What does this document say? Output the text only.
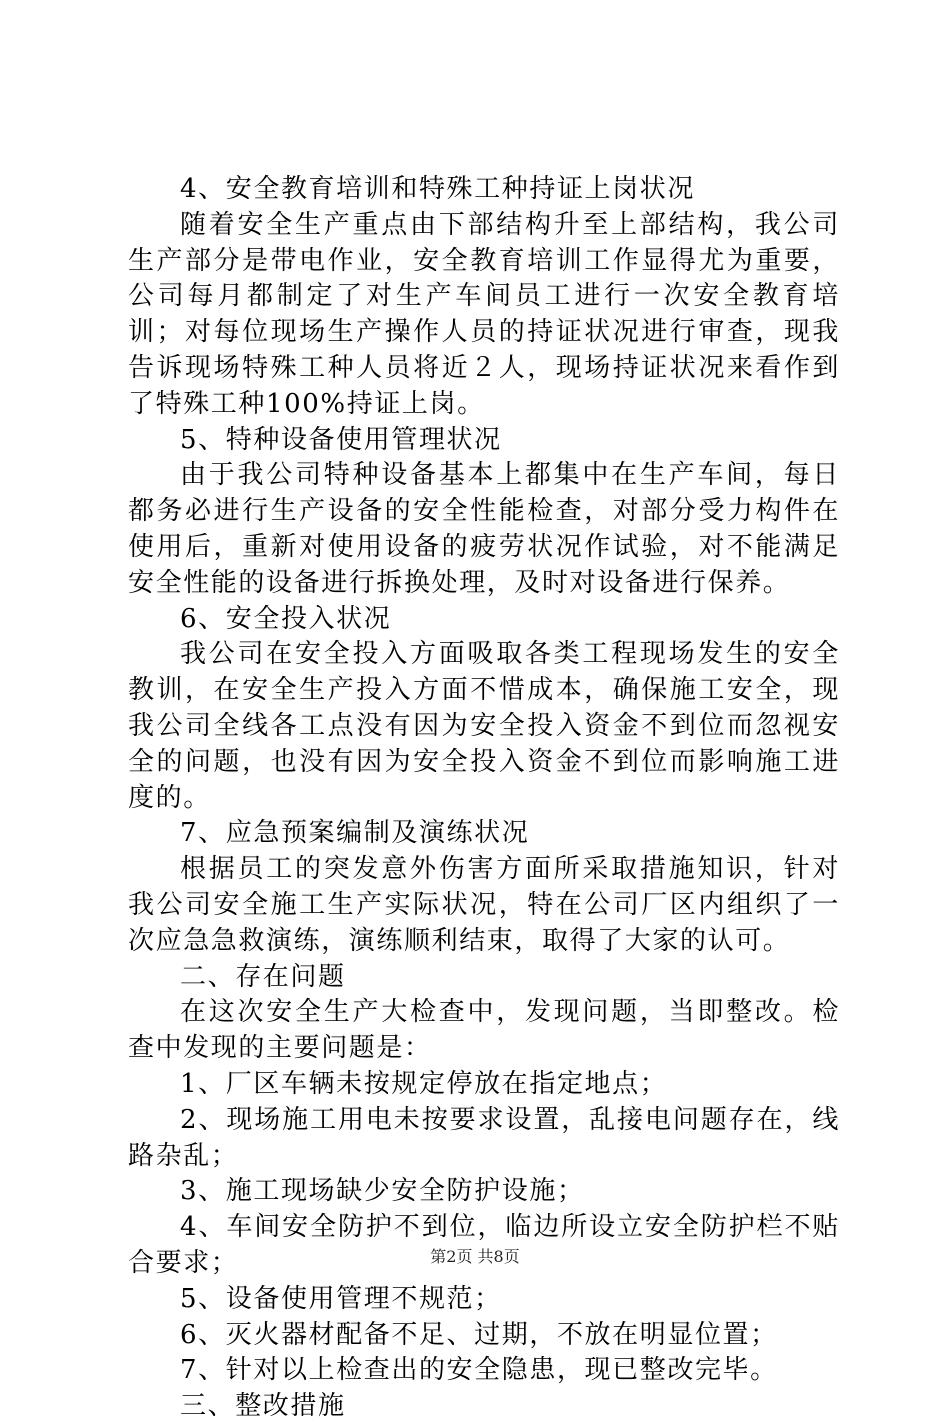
4、安全教育培训和特殊工种持证上岗状况

随着安全生产重点由下部结构升至上部结构，我公司生产部分是带电作业，安全教育培训工作显得尤为重要，公司每月都制定了对生产车间员工进行一次安全教育培训；对每位现场生产操作人员的持证状况进行审查，现我告诉现场特殊工种人员将近２人，现场持证状况来看作到了特殊工种100%持证上岗。

5、特种设备使用管理状况

由于我公司特种设备基本上都集中在生产车间，每日都务必进行生产设备的安全性能检查，对部分受力构件在使用后，重新对使用设备的疲劳状况作试验，对不能满足安全性能的设备进行拆换处理，及时对设备进行保养。

6、安全投入状况

我公司在安全投入方面吸取各类工程现场发生的安全教训，在安全生产投入方面不惜成本，确保施工安全，现我公司全线各工点没有因为安全投入资金不到位而忽视安全的问题，也没有因为安全投入资金不到位而影响施工进度的。

7、应急预案编制及演练状况

根据员工的突发意外伤害方面所采取措施知识，针对我公司安全施工生产实际状况，特在公司厂区内组织了一次应急急救演练，演练顺利结束，取得了大家的认可。

二、存在问题

在这次安全生产大检查中，发现问题，当即整改。检查中发现的主要问题是：

1、厂区车辆未按规定停放在指定地点；

2、现场施工用电未按要求设置，乱接电问题存在，线路杂乱；

3、施工现场缺少安全防护设施；

4、车间安全防护不到位，临边所设立安全防护栏不贴合要求；

5、设备使用管理不规范；

6、灭火器材配备不足、过期，不放在明显位置；

7、针对以上检查出的安全隐患，现已整改完毕。

三、整改措施

第2页 共8页
